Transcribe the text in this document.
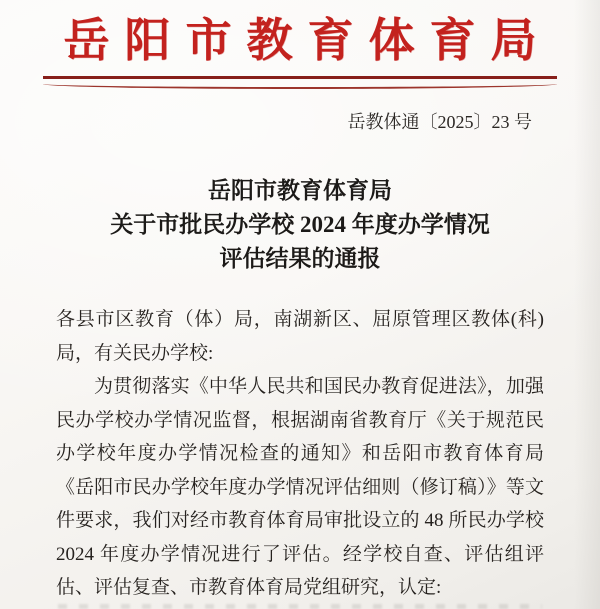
岳阳市教育体育局
岳教体通〔2025〕23 号
岳阳市教育体育局
关于市批民办学校 2024 年度办学情况
评估结果的通报

各县市区教育（体）局，南湖新区、屈原管理区教体(科)局，有关民办学校:

为贯彻落实《中华人民共和国民办教育促进法》，加强民办学校办学情况监督，根据湖南省教育厅《关于规范民办学校年度办学情况检查的通知》和岳阳市教育体育局《岳阳市民办学校年度办学情况评估细则（修订稿）》等文件要求，我们对经市教育体育局审批设立的 48 所民办学校 2024 年度办学情况进行了评估。经学校自查、评估组评估、评估复查、市教育体育局党组研究，认定:
